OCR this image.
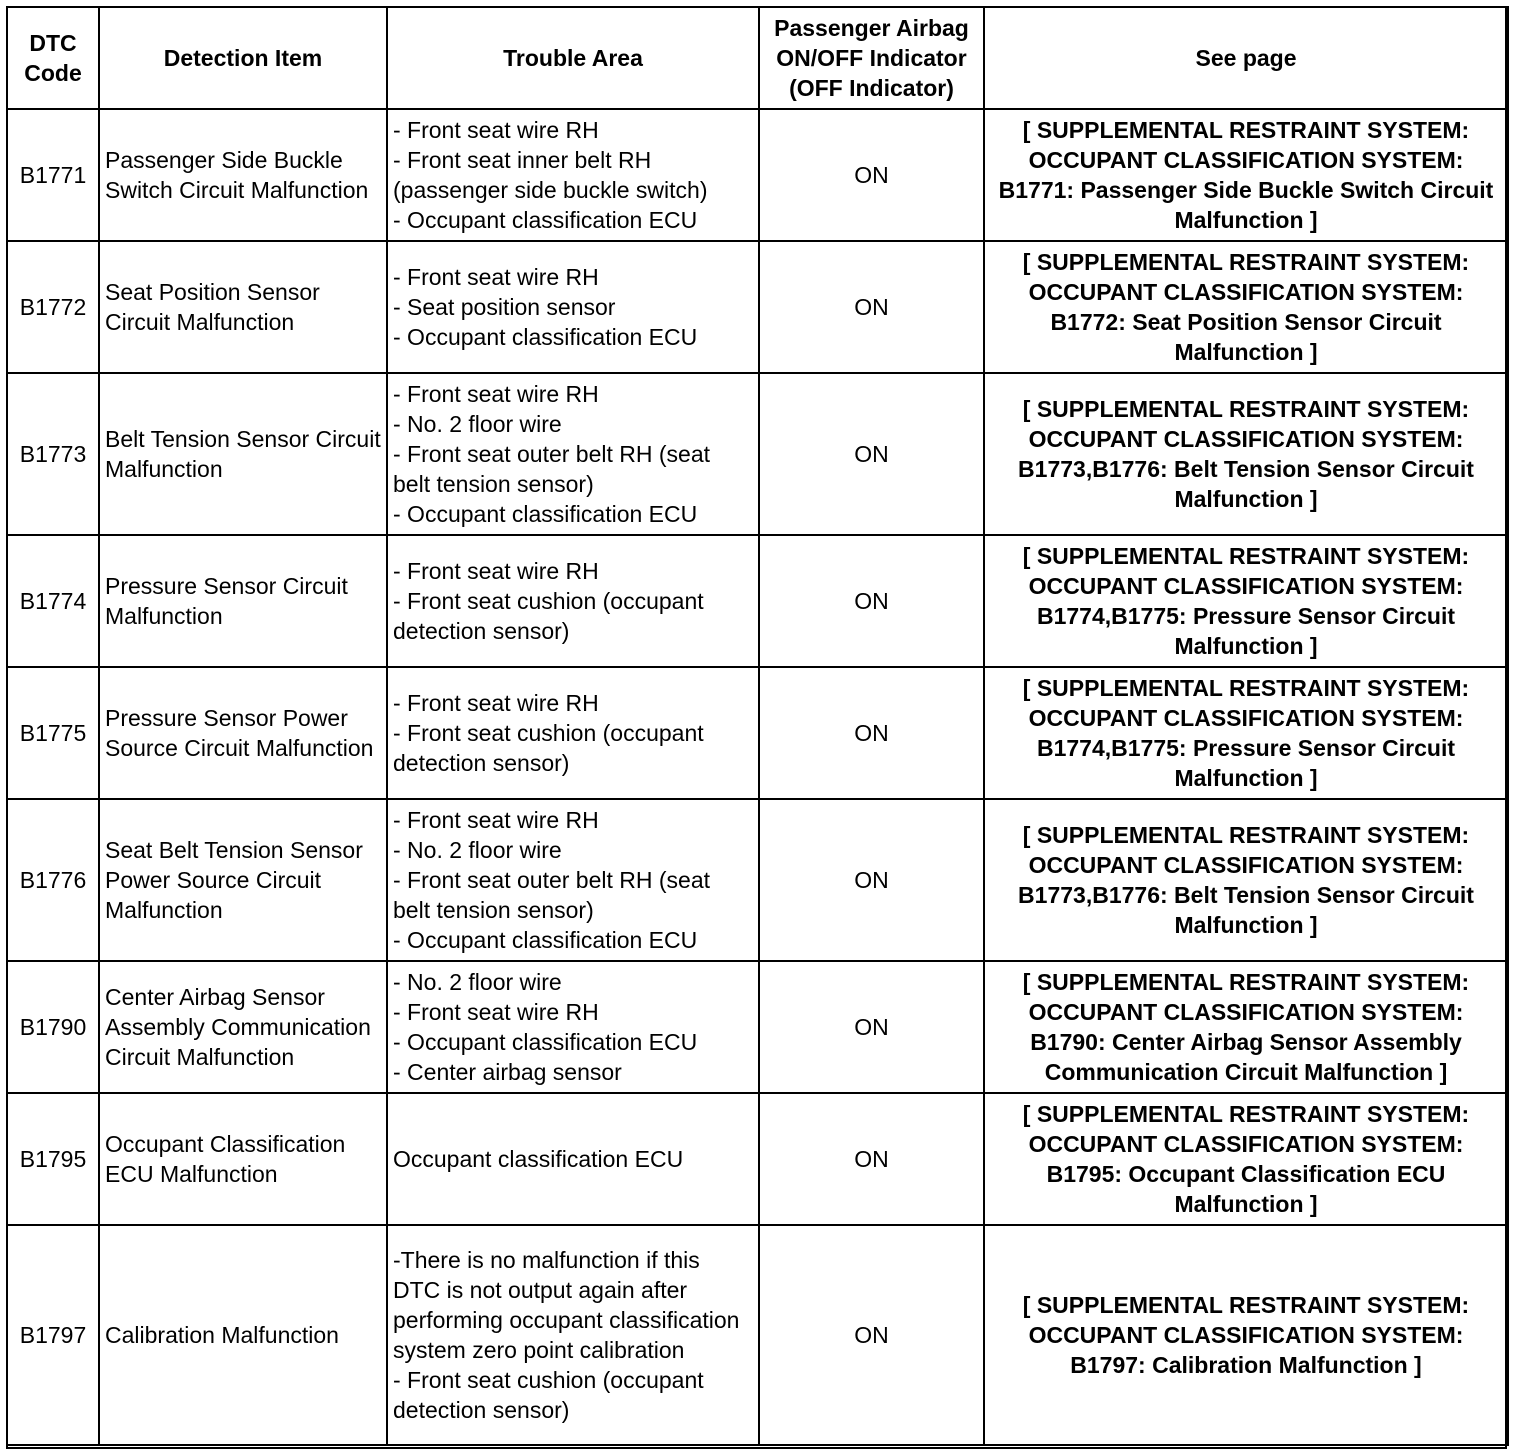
DTC Code	Detection Item	Trouble Area	Passenger Airbag ON/OFF Indicator (OFF Indicator)	See page
B1771	Passenger Side Buckle Switch Circuit Malfunction	- Front seat wire RH
- Front seat inner belt RH (passenger side buckle switch)
- Occupant classification ECU	ON	[ SUPPLEMENTAL RESTRAINT SYSTEM: OCCUPANT CLASSIFICATION SYSTEM: B1771: Passenger Side Buckle Switch Circuit Malfunction ]

B1772	Seat Position Sensor Circuit Malfunction	- Front seat wire RH
- Seat position sensor
- Occupant classification ECU	ON	[ SUPPLEMENTAL RESTRAINT SYSTEM: OCCUPANT CLASSIFICATION SYSTEM: B1772: Seat Position Sensor Circuit Malfunction ]

B1773	Belt Tension Sensor Circuit Malfunction	- Front seat wire RH
- No. 2 floor wire
- Front seat outer belt RH (seat belt tension sensor)
- Occupant classification ECU	ON	[ SUPPLEMENTAL RESTRAINT SYSTEM: OCCUPANT CLASSIFICATION SYSTEM: B1773,B1776: Belt Tension Sensor Circuit Malfunction ]

B1774	Pressure Sensor Circuit Malfunction	- Front seat wire RH
- Front seat cushion (occupant detection sensor)	ON	[ SUPPLEMENTAL RESTRAINT SYSTEM: OCCUPANT CLASSIFICATION SYSTEM: B1774,B1775: Pressure Sensor Circuit Malfunction ]

B1775	Pressure Sensor Power Source Circuit Malfunction	- Front seat wire RH
- Front seat cushion (occupant detection sensor)	ON	[ SUPPLEMENTAL RESTRAINT SYSTEM: OCCUPANT CLASSIFICATION SYSTEM: B1774,B1775: Pressure Sensor Circuit Malfunction ]

B1776	Seat Belt Tension Sensor Power Source Circuit Malfunction	- Front seat wire RH
- No. 2 floor wire
- Front seat outer belt RH (seat belt tension sensor)
- Occupant classification ECU	ON	[ SUPPLEMENTAL RESTRAINT SYSTEM: OCCUPANT CLASSIFICATION SYSTEM: B1773,B1776: Belt Tension Sensor Circuit Malfunction ]

B1790	Center Airbag Sensor Assembly Communication Circuit Malfunction	- No. 2 floor wire
- Front seat wire RH
- Occupant classification ECU
- Center airbag sensor	ON	[ SUPPLEMENTAL RESTRAINT SYSTEM: OCCUPANT CLASSIFICATION SYSTEM: B1790: Center Airbag Sensor Assembly Communication Circuit Malfunction ]

B1795	Occupant Classification ECU Malfunction	Occupant classification ECU	ON	[ SUPPLEMENTAL RESTRAINT SYSTEM: OCCUPANT CLASSIFICATION SYSTEM: B1795: Occupant Classification ECU Malfunction ]

B1797	Calibration Malfunction	-There is no malfunction if this DTC is not output again after performing occupant classification system zero point calibration
- Front seat cushion (occupant detection sensor)	ON	[ SUPPLEMENTAL RESTRAINT SYSTEM: OCCUPANT CLASSIFICATION SYSTEM: B1797: Calibration Malfunction ]
